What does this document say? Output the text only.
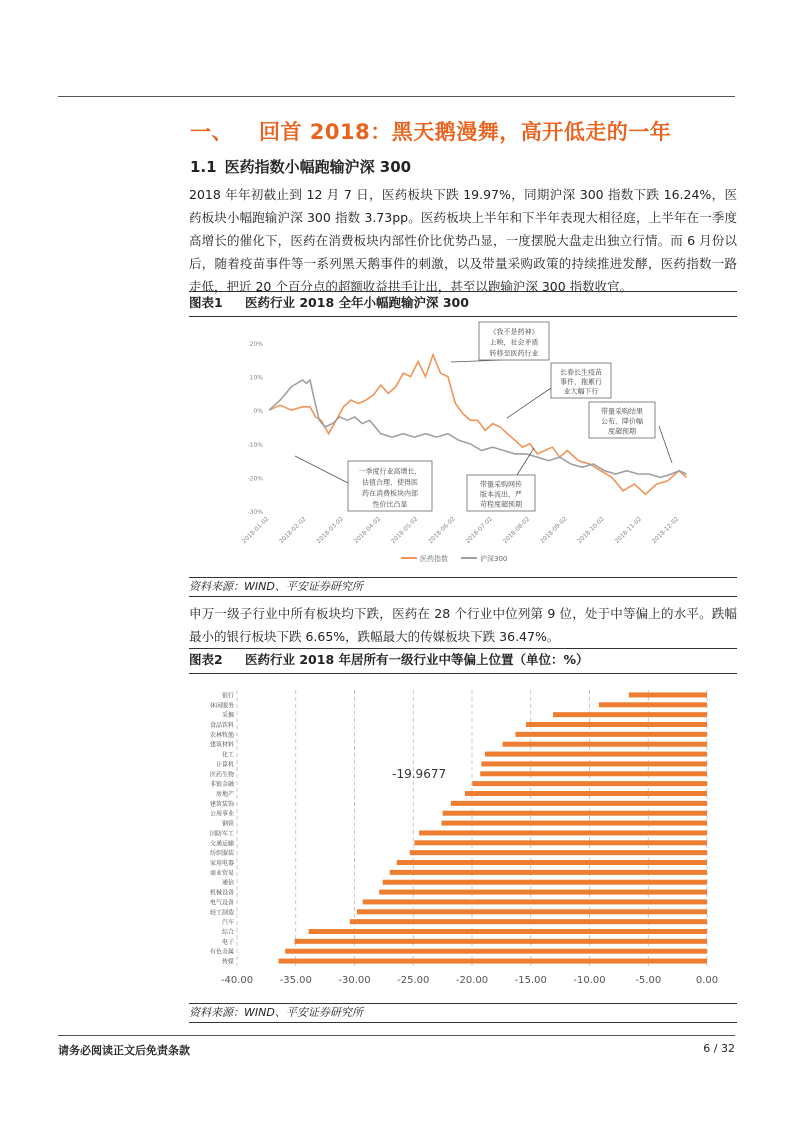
一、 回首 2018：黑天鹅漫舞，高开低走的一年
1.1 医药指数小幅跑输沪深 300

2018 年年初截止到 12 月 7 日，医药板块下跌 19.97%，同期沪深 300 指数下跌 16.24%，医药板块小幅跑输沪深 300 指数 3.73pp。医药板块上半年和下半年表现大相径庭，上半年在一季度高增长的催化下，医药在消费板块内部性价比优势凸显，一度摆脱大盘走出独立行情。而 6 月份以后，随着疫苗事件等一系列黑天鹅事件的刺激，以及带量采购政策的持续推进发酵，医药指数一路走低，把近 20 个百分点的超额收益拱手让出，甚至以跑输沪深 300 指数收官。

图表1 医药行业 2018 全年小幅跑输沪深 300
20%
10%
0%
-10%
-20%
-30%
2018-01-02 2018-02-02 2018-03-02 2018-04-02 2018-05-02 2018-06-02 2018-07-02 2018-08-02 2018-09-02 2018-10-02 2018-11-02 2018-12-02
医药指数	沪深300
《我不是药神》
上映，社会矛盾
转移至医药行业
长春长生疫苗
事件，拖累行
业大幅下行
带量采购结果
公布，降价幅
度超预期
一季度行业高增长，
估值合理，使得医
药在消费板块内部
性价比凸显
带量采购网传
版本流出，严
苛程度超预期
资料来源：WIND、平安证券研究所

申万一级子行业中所有板块均下跌，医药在 28 个行业中位列第 9 位，处于中等偏上的水平。跌幅最小的银行板块下跌 6.65%，跌幅最大的传媒板块下跌 36.47%。

图表2 医药行业 2018 年居所有一级行业中等偏上位置（单位：%）
-40.00	-35.00	-30.00	-25.00	-20.00	-15.00	-10.00	-5.00	0.00
银行
休闲服务
采掘
食品饮料
农林牧渔
建筑材料
化工
计算机
医药生物
非银金融
房地产
建筑装饰
公用事业
钢铁
国防军工
交通运输
纺织服装
家用电器
商业贸易
通信
机械设备
电气设备
轻工制造
汽车
综合
电子
有色金属
传媒
-19.9677
资料来源：WIND、平安证券研究所
请务必阅读正文后免责条款	6 / 32
